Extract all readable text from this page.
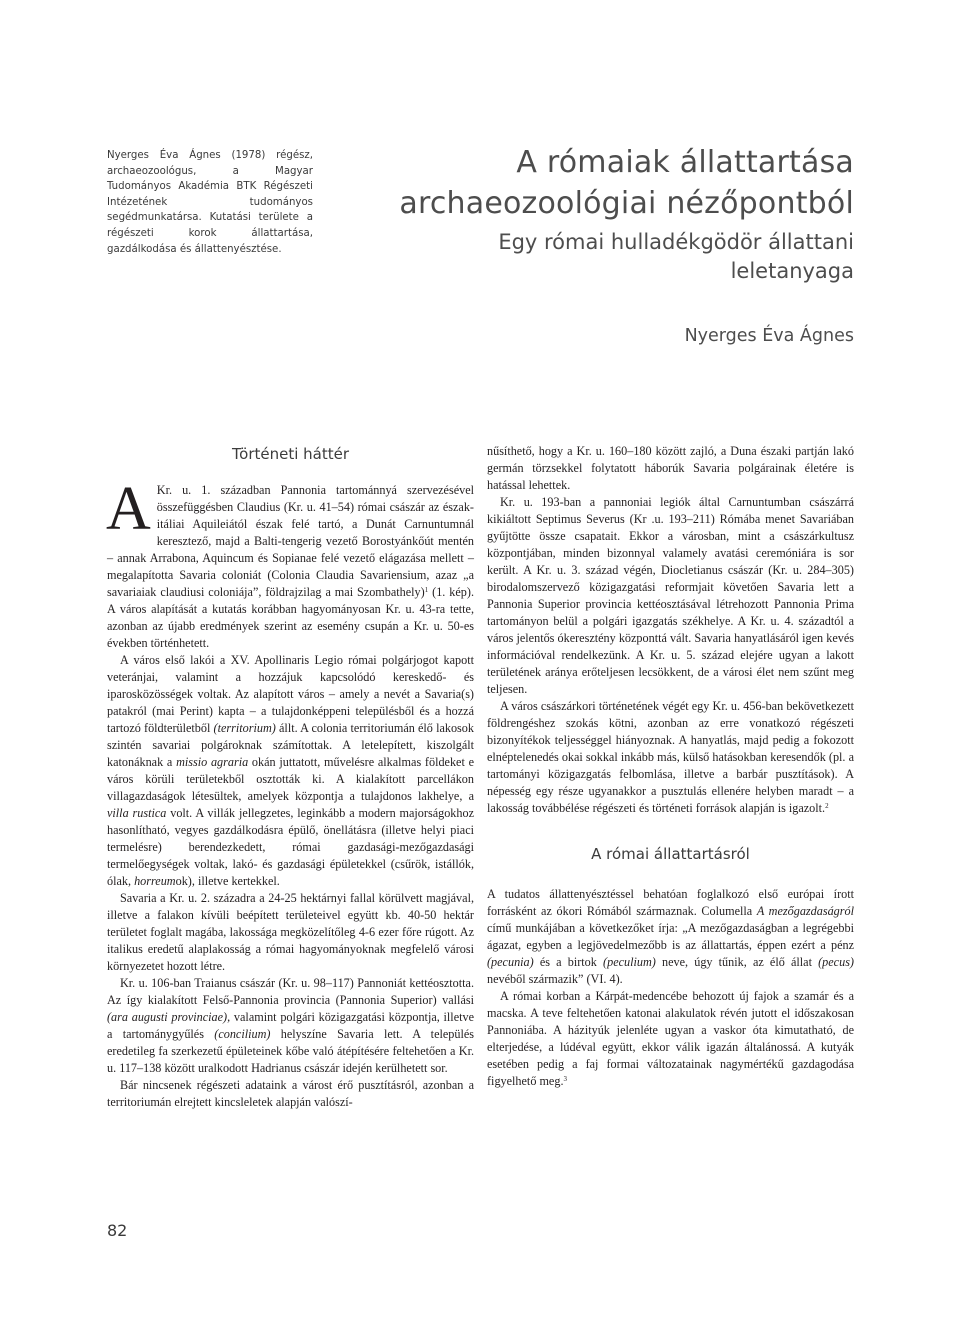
Nyerges Éva Ágnes (1978) régész, archaeozoológus, a Magyar Tudományos Akadémia BTK Régészeti Intézetének tudományos segédmunkatársa. Kutatási területe a régészeti korok állattartása, gazdálkodása és állattenyésztése.
A rómaiak állattartása
archaeozoológiai nézőpontból
Egy római hulladékgödör állattani
leletanyaga
Nyerges Éva Ágnes
Történeti háttér

A Kr. u. 1. században Pannonia tartománnyá szervezésével összefüggésben Claudius (Kr. u. 41–54) római császár az észak-itáliai Aquileiától észak felé tartó, a Dunát Carnuntumnál keresztező, majd a Balti-tengerig vezető Borostyánkőút mentén – annak Arrabona, Aquincum és Sopianae felé vezető elágazása mellett – megalapította Savaria coloniát (Colonia Claudia Savariensium, azaz „a savariaiak claudiusi coloniája”, földrajzilag a mai Szombathely)$^1$ (1. kép). A város alapítását a kutatás korábban hagyományosan Kr. u. 43-ra tette, azonban az újabb eredmények szerint az esemény csupán a Kr. u. 50-es években történhetett.

A város első lakói a XV. Apollinaris Legio római polgárjogot kapott veteránjai, valamint a hozzájuk kapcsolódó kereskedő- és iparosközösségek voltak. Az alapított város – amely a nevét a Savaria(s) patakról (mai Perint) kapta – a tulajdonképpeni településből és a hozzá tartozó földterületből (territorium) állt. A colonia territoriumán élő lakosok szintén savariai polgároknak számítottak. A letelepített, kiszolgált katonáknak a missio agraria okán juttatott, művelésre alkalmas földeket e város körüli területekből osztották ki. A kialakított parcellákon villagazdaságok létesültek, amelyek központja a tulajdonos lakhelye, a villa rustica volt. A villák jellegzetes, leginkább a modern majorságokhoz hasonlítható, vegyes gazdálkodásra épülő, önellátásra (illetve helyi piaci termelésre) berendezkedett, római gazdasági-mezőgazdasági termelőegységek voltak, lakó- és gazdasági épületekkel (csűrök, istállók, ólak, horreumok), illetve kertekkel.

Savaria a Kr. u. 2. századra a 24-25 hektárnyi fallal körülvett magjával, illetve a falakon kívüli beépített területeivel együtt kb. 40-50 hektár területet foglalt magába, lakossága megközelítőleg 4-6 ezer főre rúgott. Az italikus eredetű alaplakosság a római hagyományoknak megfelelő városi környezetet hozott létre.

Kr. u. 106-ban Traianus császár (Kr. u. 98–117) Pannoniát kettéosztotta. Az így kialakított Felső-Pannonia provincia (Pannonia Superior) vallási (ara augusti provinciae), valamint polgári közigazgatási központja, illetve a tartománygyűlés (concilium) helyszíne Savaria lett. A település eredetileg fa szerkezetű épületeinek kőbe való átépítésére feltehetően a Kr. u. 117–138 között uralkodott Hadrianus császár idején kerülhetett sor.

Bár nincsenek régészeti adataink a várost érő pusztításról, azonban a territoriumán elrejtett kincsleletek alapján valószí-

nűsíthető, hogy a Kr. u. 160–180 között zajló, a Duna északi partján lakó germán törzsekkel folytatott háborúk Savaria polgárainak életére is hatással lehettek.

Kr. u. 193-ban a pannoniai legiók által Carnuntumban császárrá kikiáltott Septimus Severus (Kr .u. 193–211) Rómába menet Savariában gyűjtötte össze csapatait. Ekkor a városban, mint a császárkultusz központjában, minden bizonnyal valamely avatási ceremóniára is sor került. A Kr. u. 3. század végén, Diocletianus császár (Kr. u. 284–305) birodalomszervező közigazgatási reformjait követően Savaria lett a Pannonia Superior provincia kettéosztásával létrehozott Pannonia Prima tartományon belül a polgári igazgatás székhelye. A Kr. u. 4. századtól a város jelentős ókeresztény központtá vált. Savaria hanyatlásáról igen kevés információval rendelkezünk. A Kr. u. 5. század elejére ugyan a lakott területének aránya erőteljesen lecsökkent, de a városi élet nem szűnt meg teljesen.

A város császárkori történetének végét egy Kr. u. 456-ban bekövetkezett földrengéshez szokás kötni, azonban az erre vonatkozó régészeti bizonyítékok teljességgel hiányoznak. A hanyatlás, majd pedig a fokozott elnéptelenedés okai sokkal inkább más, külső hatásokban keresendők (pl. a tartományi közigazgatás felbomlása, illetve a barbár pusztítások). A népesség egy része ugyanakkor a pusztulás ellenére helyben maradt – a lakosság továbbélése régészeti és történeti források alapján is igazolt.$^2$

A római állattartásról

A tudatos állattenyésztéssel behatóan foglalkozó első európai írott forrásként az ókori Rómából származnak. Columella A mezőgazdaságról című munkájában a következőket írja: „A mezőgazdaságban a legrégebbi ágazat, egyben a legjövedelmezőbb is az állattartás, éppen ezért a pénz (pecunia) és a birtok (peculium) neve, úgy tűnik, az élő állat (pecus) nevéből származik” (VI. 4).

A római korban a Kárpát-medencébe behozott új fajok a szamár és a macska. A teve feltehetően katonai alakulatok révén jutott el időszakosan Pannoniába. A házityúk jelenléte ugyan a vaskor óta kimutatható, de elterjedése, a lúdéval együtt, ekkor válik igazán általánossá. A kutyák esetében pedig a faj formai változatainak nagymértékű gazdagodása figyelhető meg.$^3$

82
